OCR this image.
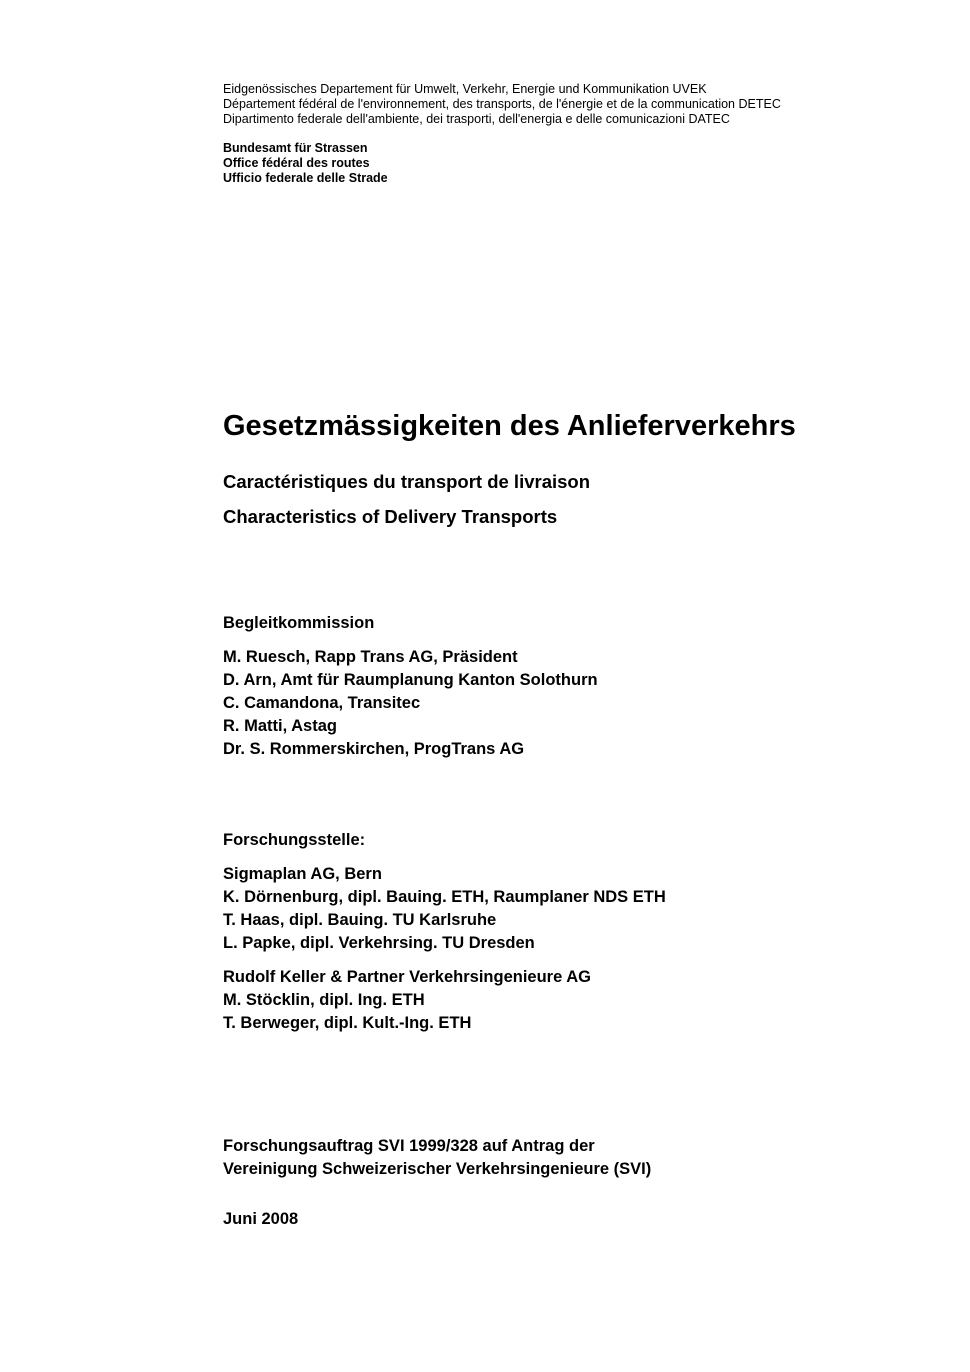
Eidgenössisches Departement für Umwelt, Verkehr, Energie und Kommunikation UVEK
Département fédéral de l'environnement, des transports, de l'énergie et de la communication DETEC
Dipartimento federale dell'ambiente, dei trasporti, dell'energia e delle comunicazioni DATEC
Bundesamt für Strassen
Office fédéral des routes
Ufficio federale delle Strade
Gesetzmässigkeiten des Anlieferverkehrs
Caractéristiques du transport de livraison
Characteristics of Delivery Transports
Begleitkommission
M. Ruesch, Rapp Trans AG, Präsident
D. Arn, Amt für Raumplanung Kanton Solothurn
C. Camandona, Transitec
R. Matti, Astag
Dr. S. Rommerskirchen, ProgTrans AG
Forschungsstelle:
Sigmaplan AG, Bern
K. Dörnenburg, dipl. Bauing. ETH, Raumplaner NDS ETH
T. Haas, dipl. Bauing. TU Karlsruhe
L. Papke, dipl. Verkehrsing. TU Dresden
Rudolf Keller & Partner Verkehrsingenieure AG
M. Stöcklin, dipl. Ing. ETH
T. Berweger, dipl. Kult.-Ing. ETH
Forschungsauftrag SVI 1999/328 auf Antrag der
Vereinigung Schweizerischer Verkehrsingenieure (SVI)
Juni 2008
